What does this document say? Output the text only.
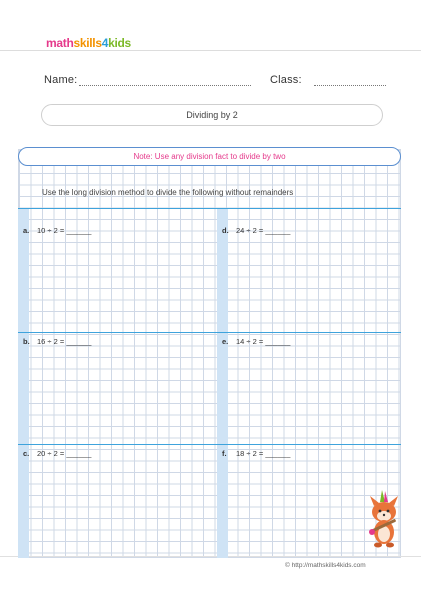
mathskills4kids
Name:	Class:
Dividing by 2
Note: Use any division fact to divide by two
Use the long division method to divide the following without remainders
a. 10 ÷ 2 = ______
b. 16 ÷ 2 = ______
c. 20 ÷ 2 = ______
d. 24 ÷ 2 = ______
e. 14 ÷ 2 = ______
f. 18 ÷ 2 = ______
© http://mathskills4kids.com
